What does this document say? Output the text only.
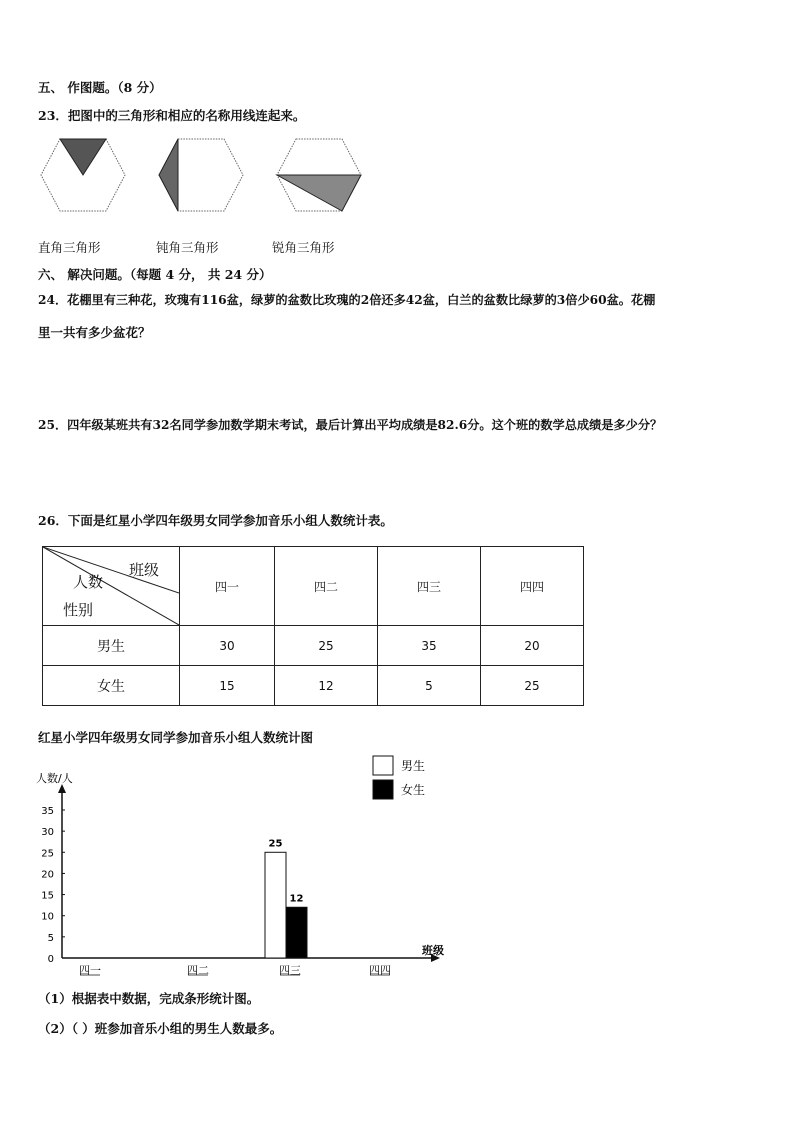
五、 作图题。（8 分）
23．把图中的三角形和相应的名称用线连起来。
直角三角形	钝角三角形	锐角三角形
六、 解决问题。（每题 4 分， 共 24 分）
24．花棚里有三种花，玫瑰有116盆，绿萝的盆数比玫瑰的2倍还多42盆，白兰的盆数比绿萝的3倍少60盆。花棚
里一共有多少盆花？
25．四年级某班共有32名同学参加数学期末考试，最后计算出平均成绩是82.6分。这个班的数学总成绩是多少分？
26．下面是红星小学四年级男女同学参加音乐小组人数统计表。
班级
人数
性别	四一	四二	四三	四四
男生	30	25	35	20
女生	15	12	5	25
红星小学四年级男女同学参加音乐小组人数统计图
人数/人
班级
0
5
10
15
20
25
30
35
四一	四二	四三	四四
25
12
男生
女生
（1）根据表中数据，完成条形统计图。
（2）（ ）班参加音乐小组的男生人数最多。
